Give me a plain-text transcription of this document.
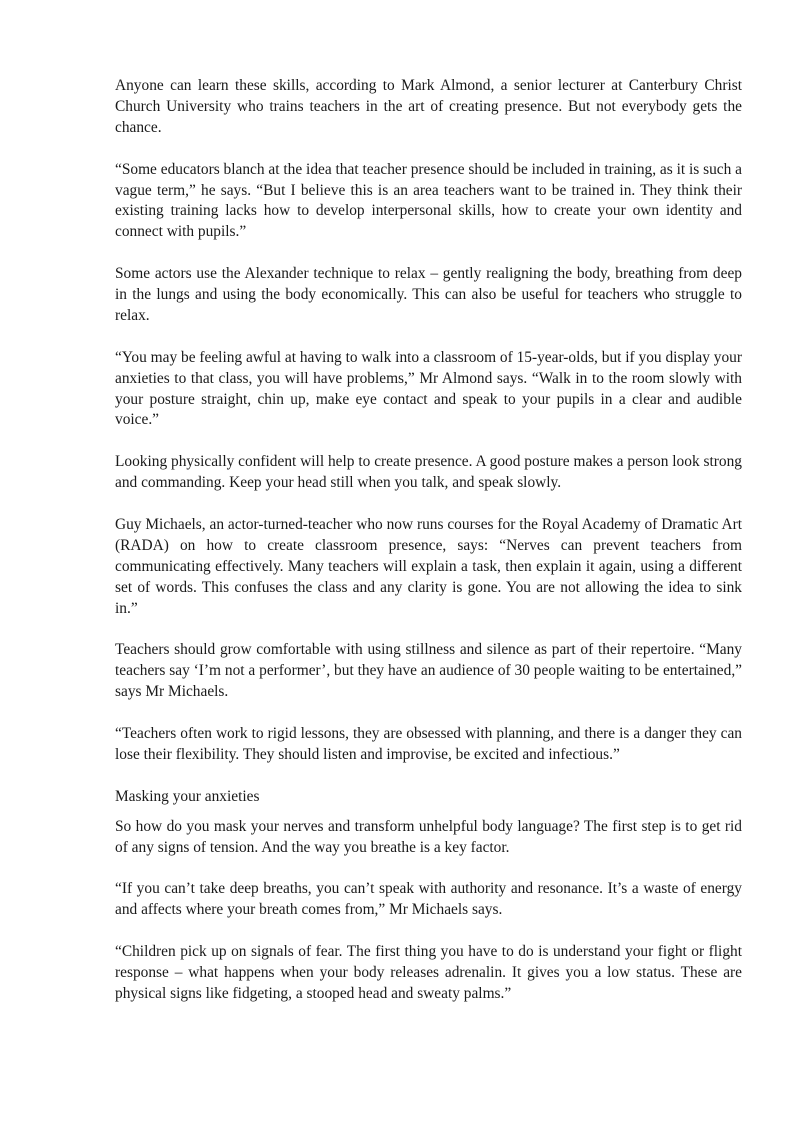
Anyone can learn these skills, according to Mark Almond, a senior lecturer at Canterbury Christ Church University who trains teachers in the art of creating presence. But not everybody gets the chance.

“Some educators blanch at the idea that teacher presence should be included in training, as it is such a vague term,” he says. “But I believe this is an area teachers want to be trained in. They think their existing training lacks how to develop interpersonal skills, how to create your own identity and connect with pupils.”

Some actors use the Alexander technique to relax – gently realigning the body, breathing from deep in the lungs and using the body economically. This can also be useful for teachers who struggle to relax.

“You may be feeling awful at having to walk into a classroom of 15-year-olds, but if you display your anxieties to that class, you will have problems,” Mr Almond says. “Walk in to the room slowly with your posture straight, chin up, make eye contact and speak to your pupils in a clear and audible voice.”

Looking physically confident will help to create presence. A good posture makes a person look strong and commanding. Keep your head still when you talk, and speak slowly.

Guy Michaels, an actor-turned-teacher who now runs courses for the Royal Academy of Dramatic Art (RADA) on how to create classroom presence, says: “Nerves can prevent teachers from communicating effectively. Many teachers will explain a task, then explain it again, using a different set of words. This confuses the class and any clarity is gone. You are not allowing the idea to sink in.”

Teachers should grow comfortable with using stillness and silence as part of their repertoire. “Many teachers say ‘I’m not a performer’, but they have an audience of 30 people waiting to be entertained,” says Mr Michaels.

“Teachers often work to rigid lessons, they are obsessed with planning, and there is a danger they can lose their flexibility. They should listen and improvise, be excited and infectious.”

Masking your anxieties

So how do you mask your nerves and transform unhelpful body language? The first step is to get rid of any signs of tension. And the way you breathe is a key factor.

“If you can’t take deep breaths, you can’t speak with authority and resonance. It’s a waste of energy and affects where your breath comes from,” Mr Michaels says.

“Children pick up on signals of fear. The first thing you have to do is understand your fight or flight response – what happens when your body releases adrenalin. It gives you a low status. These are physical signs like fidgeting, a stooped head and sweaty palms.”
